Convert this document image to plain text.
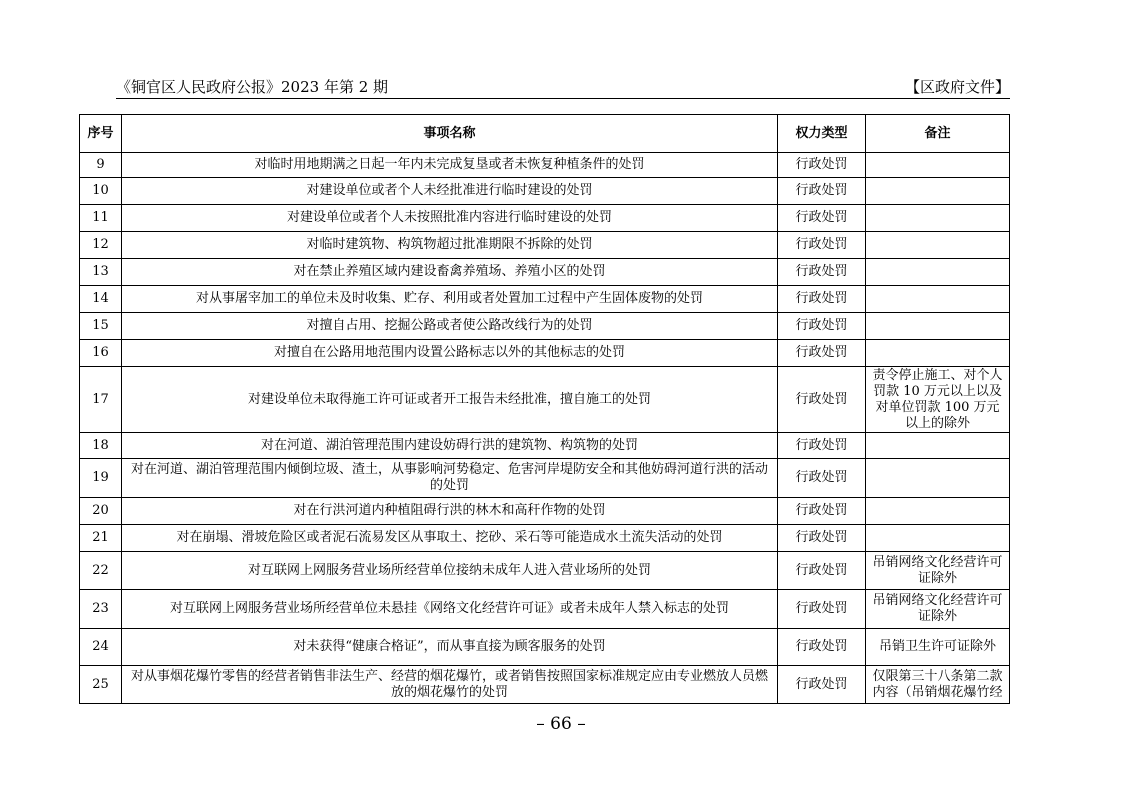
《铜官区人民政府公报》2023 年第 2 期	【区政府文件】
序号	事项名称	权力类型	备注
9	对临时用地期满之日起一年内未完成复垦或者未恢复种植条件的处罚	行政处罚	
10	对建设单位或者个人未经批准进行临时建设的处罚	行政处罚	
11	对建设单位或者个人未按照批准内容进行临时建设的处罚	行政处罚	
12	对临时建筑物、构筑物超过批准期限不拆除的处罚	行政处罚	
13	对在禁止养殖区域内建设畜禽养殖场、养殖小区的处罚	行政处罚	
14	对从事屠宰加工的单位未及时收集、贮存、利用或者处置加工过程中产生固体废物的处罚	行政处罚	
15	对擅自占用、挖掘公路或者使公路改线行为的处罚	行政处罚	
16	对擅自在公路用地范围内设置公路标志以外的其他标志的处罚	行政处罚	
17	对建设单位未取得施工许可证或者开工报告未经批准，擅自施工的处罚	行政处罚	责令停止施工、对个人罚款 10 万元以上以及对单位罚款 100 万元以上的除外
18	对在河道、湖泊管理范围内建设妨碍行洪的建筑物、构筑物的处罚	行政处罚	
19	对在河道、湖泊管理范围内倾倒垃圾、渣土，从事影响河势稳定、危害河岸堤防安全和其他妨碍河道行洪的活动的处罚	行政处罚	
20	对在行洪河道内种植阻碍行洪的林木和高秆作物的处罚	行政处罚	
21	对在崩塌、滑坡危险区或者泥石流易发区从事取土、挖砂、采石等可能造成水土流失活动的处罚	行政处罚	
22	对互联网上网服务营业场所经营单位接纳未成年人进入营业场所的处罚	行政处罚	吊销网络文化经营许可证除外
23	对互联网上网服务营业场所经营单位未悬挂《网络文化经营许可证》或者未成年人禁入标志的处罚	行政处罚	吊销网络文化经营许可证除外
24	对未获得“健康合格证”，而从事直接为顾客服务的处罚	行政处罚	吊销卫生许可证除外
25	对从事烟花爆竹零售的经营者销售非法生产、经营的烟花爆竹，或者销售按照国家标准规定应由专业燃放人员燃放的烟花爆竹的处罚	行政处罚	仅限第三十八条第二款内容（吊销烟花爆竹经
– 66 –
